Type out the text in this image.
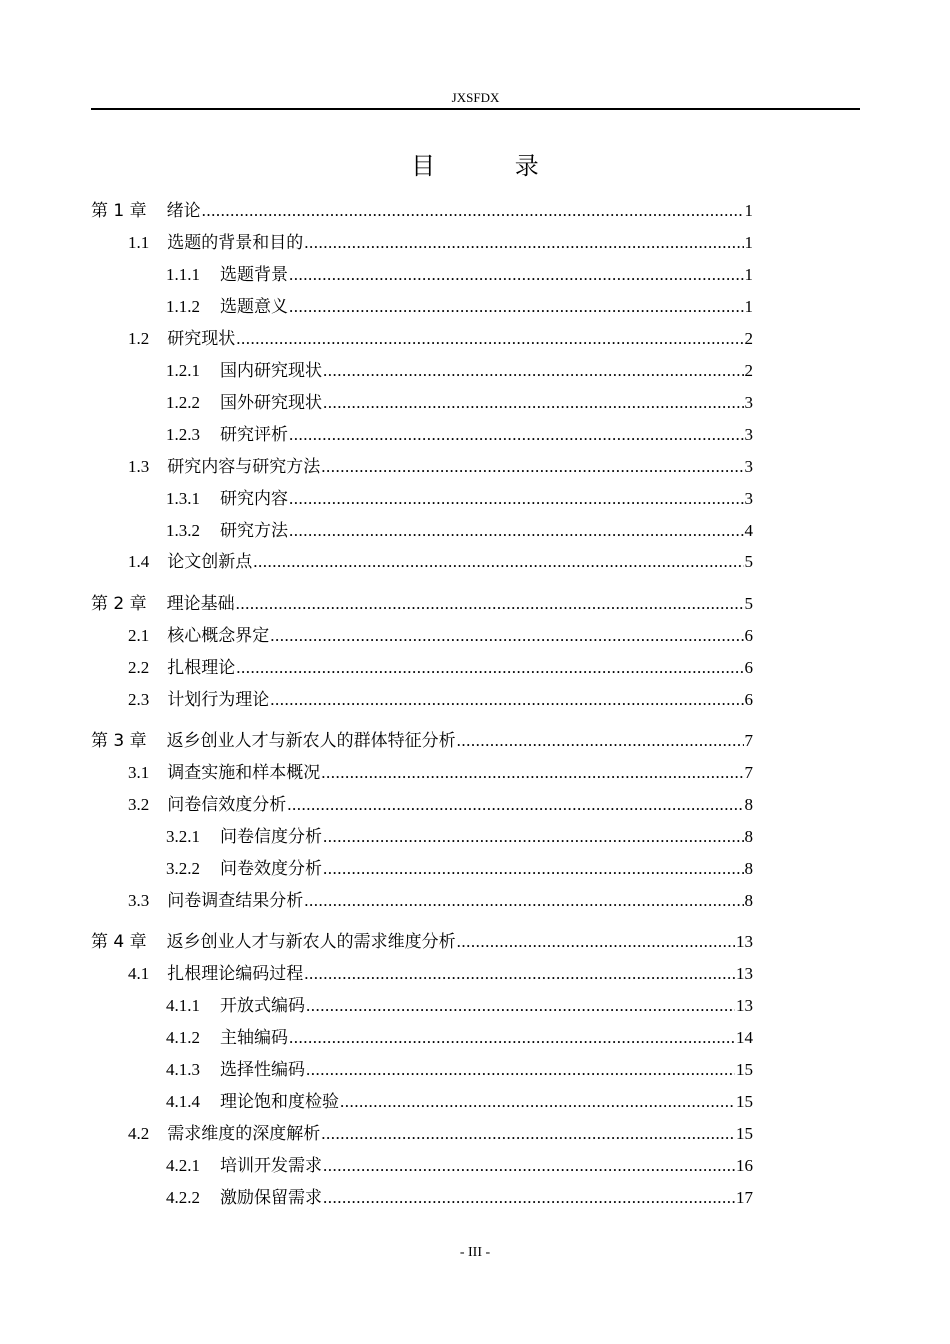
JXSFDX
目 录
第 1 章 绪论 .....	1
1.1 选题的背景和目的 .....	1
1.1.1 选题背景 .....	1
1.1.2 选题意义 .....	1
1.2 研究现状 .....	2
1.2.1 国内研究现状 .....	2
1.2.2 国外研究现状 .....	3
1.2.3 研究评析 .....	3
1.3 研究内容与研究方法 .....	3
1.3.1 研究内容 .....	3
1.3.2 研究方法 .....	4
1.4 论文创新点 .....	5
第 2 章 理论基础 .....	5
2.1 核心概念界定 .....	6
2.2 扎根理论 .....	6
2.3 计划行为理论 .....	6
第 3 章 返乡创业人才与新农人的群体特征分析 .....	7
3.1 调查实施和样本概况 .....	7
3.2 问卷信效度分析 .....	8
3.2.1 问卷信度分析 .....	8
3.2.2 问卷效度分析 .....	8
3.3 问卷调查结果分析 .....	8
第 4 章 返乡创业人才与新农人的需求维度分析 .....	13
4.1 扎根理论编码过程 .....	13
4.1.1 开放式编码 .....	13
4.1.2 主轴编码 .....	14
4.1.3 选择性编码 .....	15
4.1.4 理论饱和度检验 .....	15
4.2 需求维度的深度解析 .....	15
4.2.1 培训开发需求 .....	16
4.2.2 激励保留需求 .....	17
- III -
